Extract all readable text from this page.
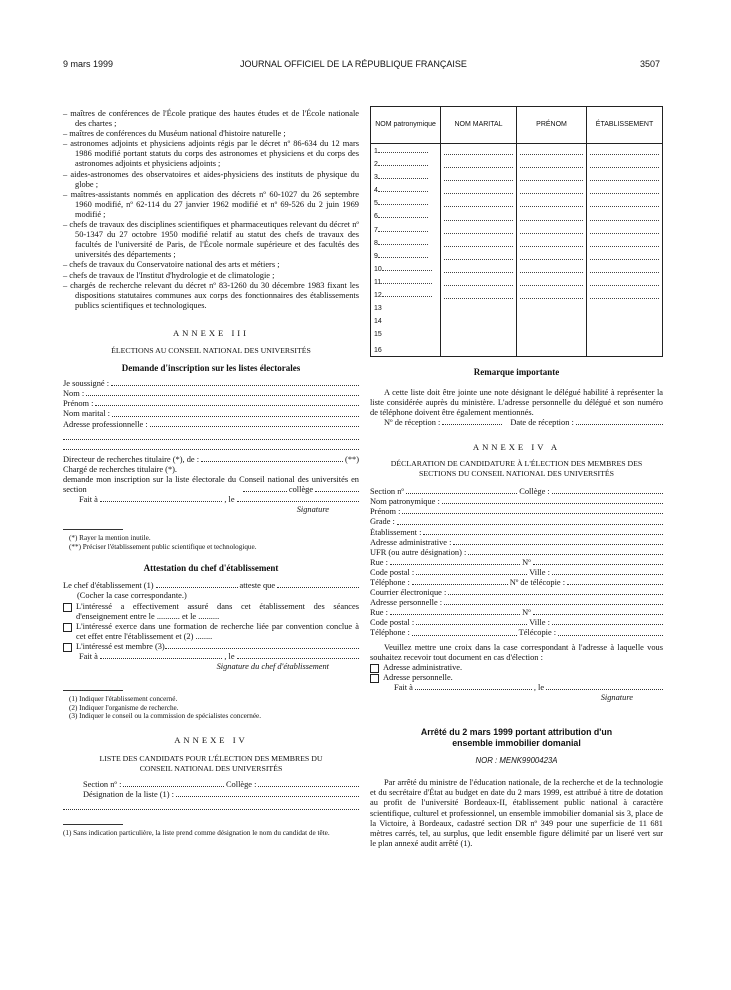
9 mars 1999	JOURNAL OFFICIEL DE LA RÉPUBLIQUE FRANÇAISE	3507
– maîtres de conférences de l'École pratique des hautes études et de l'École nationale des chartes ;
– maîtres de conférences du Muséum national d'histoire naturelle ;
– astronomes adjoints et physiciens adjoints régis par le décret nº 86-634 du 12 mars 1986 modifié portant statuts du corps des astronomes et physiciens et du corps des astronomes adjoints et physiciens adjoints ;
– aides-astronomes des observatoires et aides-physiciens des instituts de physique du globe ;
– maîtres-assistants nommés en application des décrets nº 60-1027 du 26 septembre 1960 modifié, nº 62-114 du 27 janvier 1962 modifié et nº 69-526 du 2 juin 1969 modifié ;
– chefs de travaux des disciplines scientifiques et pharmaceutiques relevant du décret nº 50-1347 du 27 octobre 1950 modifié relatif au statut des chefs de travaux des facultés de l'université de Paris, de l'École normale supérieure et des facultés des universités des départements ;
– chefs de travaux du Conservatoire national des arts et métiers ;
– chefs de travaux de l'Institut d'hydrologie et de climatologie ;
– chargés de recherche relevant du décret nº 83-1260 du 30 décembre 1983 fixant les dispositions statutaires communes aux corps des fonctionnaires des établissements publics scientifiques et technologiques.

ANNEXE III

ÉLECTIONS AU CONSEIL NATIONAL DES UNIVERSITÉS

Demande d'inscription sur les listes électorales

Je soussigné :
Nom :
Prénom :
Nom marital :
Adresse professionnelle :
Directeur de recherches titulaire (*), de :	(**)

Chargé de recherches titulaire (*).

demande mon inscription sur la liste électorale du Conseil national des universités en section	collège
Fait à	, le

Signature

(*) Rayer la mention inutile.

(**) Préciser l'établissement public scientifique et technologique.

Attestation du chef d'établissement

Le chef d'établissement (1)	atteste que

(Cocher la case correspondante.)

L'intéressé a effectivement assuré dans cet établissement des séances d'enseignement entre le ........... et le ..........
L'intéressé exerce dans une formation de recherche liée par convention conclue à cet effet entre l'établissement et (2) ........
L'intéressé est membre (3)
Fait à	, le

Signature du chef d'établissement

(1) Indiquer l'établissement concerné.

(2) Indiquer l'organisme de recherche.

(3) Indiquer le conseil ou la commission de spécialistes concernée.

ANNEXE IV

LISTE DES CANDIDATS POUR L'ÉLECTION DES MEMBRES DU CONSEIL NATIONAL DES UNIVERSITÉS

Section nº :	Collège :
Désignation de la liste (1) :

(1) Sans indication particulière, la liste prend comme désignation le nom du candidat de tête.

NOM patronymique	NOM MARITAL	PRÉNOM	ÉTABLISSEMENT
1	

2	

3	

4	

5	

6	

7	

8	

9	

10	

11	

12	

13			
14			
15			
16			

Remarque importante

A cette liste doit être jointe une note désignant le délégué habilité à représenter la liste considérée auprès du ministère. L'adresse personnelle du délégué et son numéro de téléphone doivent être également mentionnés.

Nº de réception :	Date de réception :

ANNEXE IV A

DÉCLARATION DE CANDIDATURE À L'ÉLECTION DES MEMBRES DES SECTIONS DU CONSEIL NATIONAL DES UNIVERSITÉS

Section nº	Collège :
Nom patronymique :
Prénom :
Grade :
Établissement :
Adresse administrative :
UFR (ou autre désignation) :
Rue :	Nº
Code postal :	Ville :
Téléphone :	Nº de télécopie :
Courrier électronique :
Adresse personnelle :
Rue :	Nº
Code postal :	Ville :
Téléphone :	Télécopie :

Veuillez mettre une croix dans la case correspondant à l'adresse à laquelle vous souhaitez recevoir tout document en cas d'élection :

Adresse administrative.
Adresse personnelle.
Fait à	, le

Signature

Arrêté du 2 mars 1999 portant attribution d'un ensemble immobilier domanial

NOR : MENK9900423A

Par arrêté du ministre de l'éducation nationale, de la recherche et de la technologie et du secrétaire d'État au budget en date du 2 mars 1999, est attribué à titre de dotation au profit de l'université Bordeaux-II, établissement public national à caractère scientifique, culturel et professionnel, un ensemble immobilier domanial sis 3, place de la Victoire, à Bordeaux, cadastré section DR nº 349 pour une superficie de 11 681 mètres carrés, tel, au surplus, que ledit ensemble figure délimité par un liseré vert sur le plan annexé audit arrêté (1).
